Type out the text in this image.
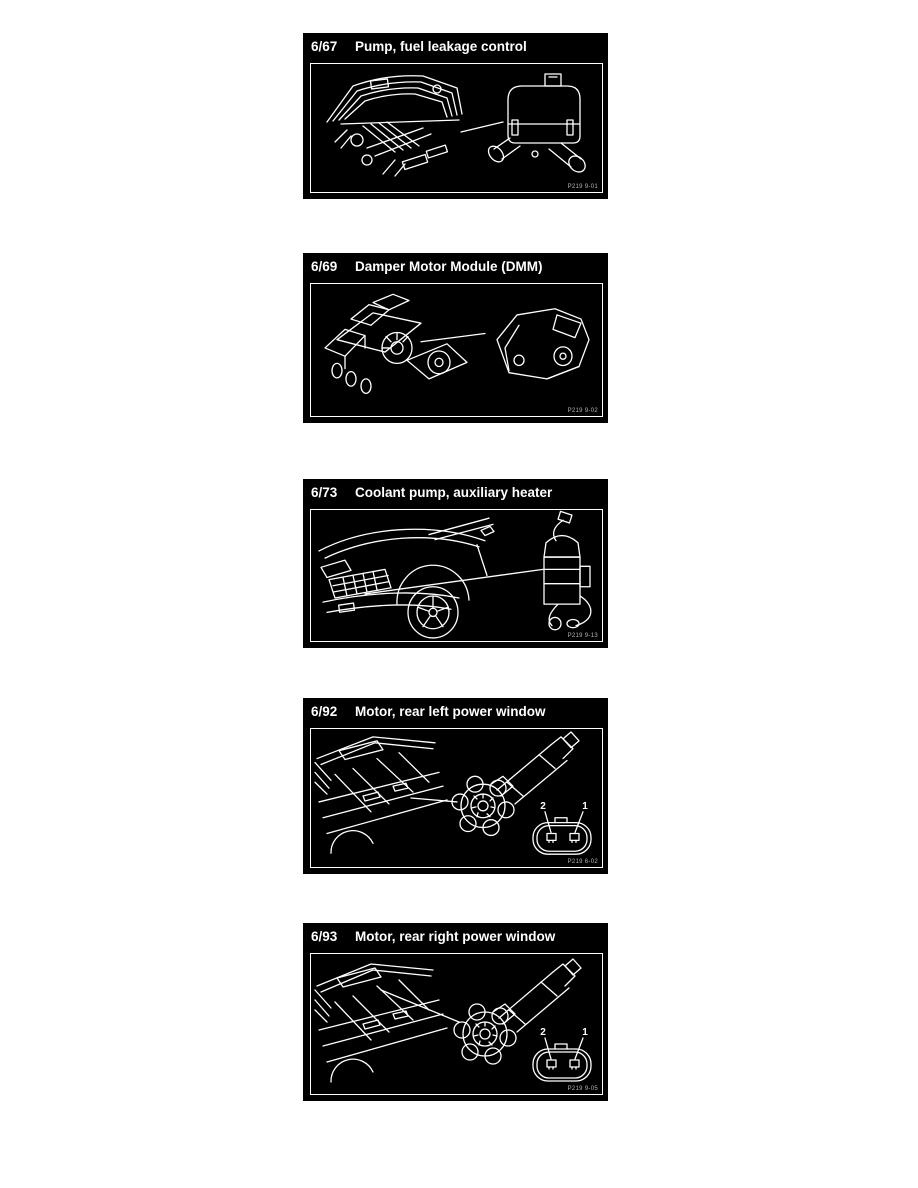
6/67	Pump, fuel leakage control
P219 9-01
6/69	Damper Motor Module (DMM)
P219 9-02
6/73	Coolant pump, auxiliary heater
P219 9-13
6/92	Motor, rear left power window
2	1
P219 6-02
6/93	Motor, rear right power window
2	1
P219 9-05
